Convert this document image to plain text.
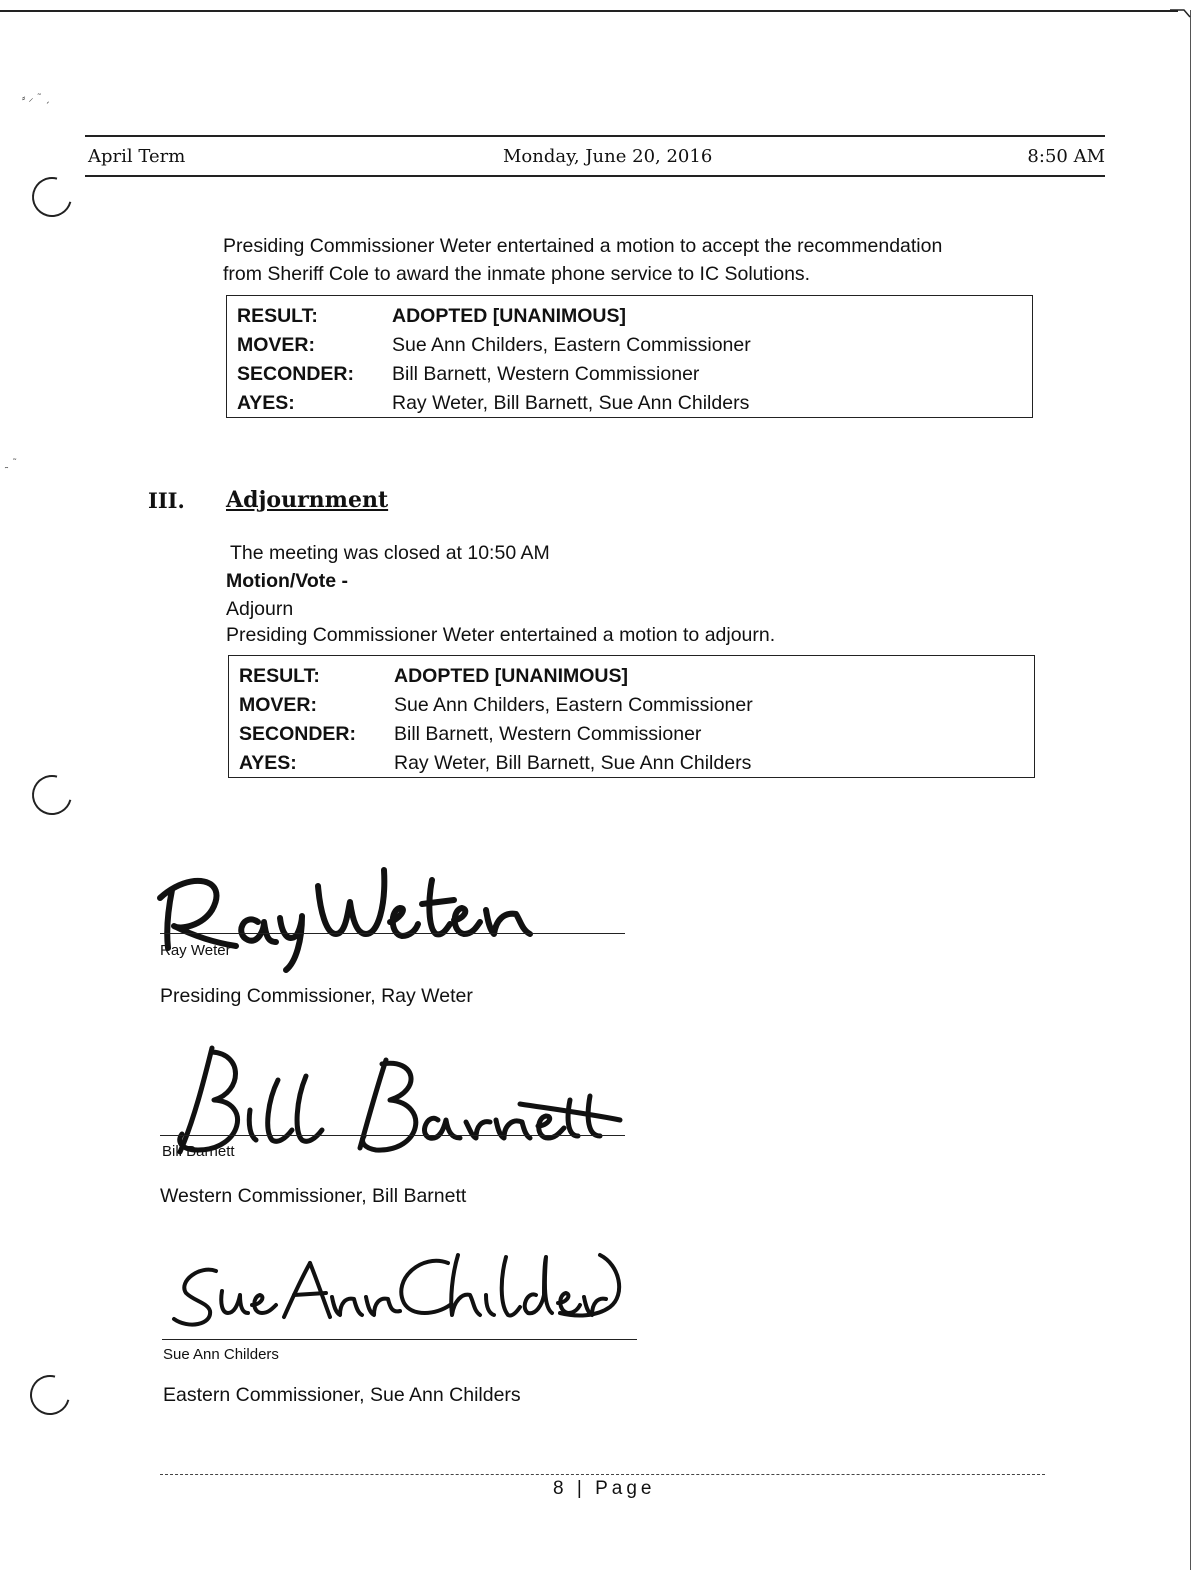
⸗ ⸝ ˜ ˏ
˷ ˜
April Term	Monday, June 20, 2016	8:50 AM
Presiding Commissioner Weter entertained a motion to accept the recommendation
from Sheriff Cole to award the inmate phone service to IC Solutions.
RESULT:	ADOPTED [UNANIMOUS]
MOVER:	Sue Ann Childers, Eastern Commissioner
SECONDER:	Bill Barnett, Western Commissioner
AYES:	Ray Weter, Bill Barnett, Sue Ann Childers
III. Adjournment
The meeting was closed at 10:50 AM
Motion/Vote -
Adjourn
Presiding Commissioner Weter entertained a motion to adjourn.
RESULT:	ADOPTED [UNANIMOUS]
MOVER:	Sue Ann Childers, Eastern Commissioner
SECONDER:	Bill Barnett, Western Commissioner
AYES:	Ray Weter, Bill Barnett, Sue Ann Childers
Ray Weter
Presiding Commissioner, Ray Weter
Bill Barnett
Western Commissioner, Bill Barnett
Sue Ann Childers
Eastern Commissioner, Sue Ann Childers
8 | Page
